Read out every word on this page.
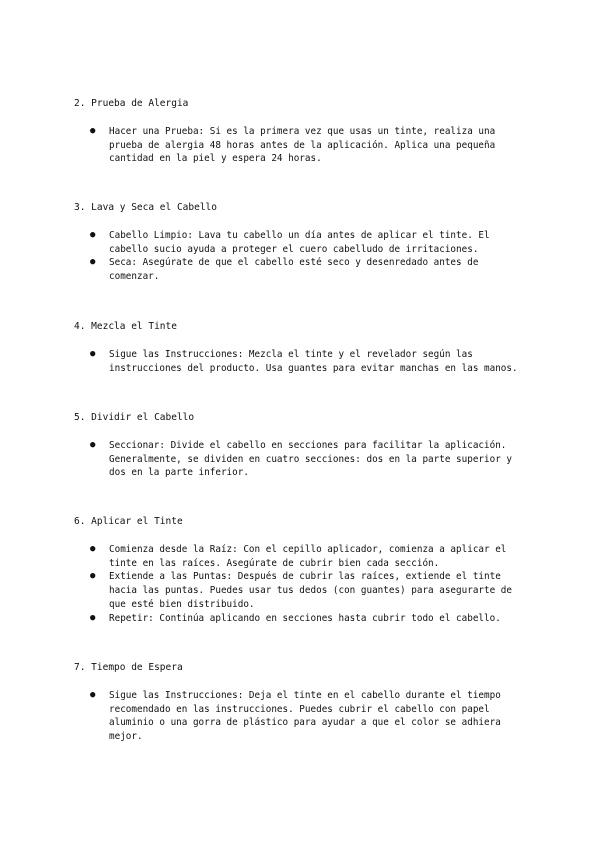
2. Prueba de Alergia
● Hacer una Prueba: Si es la primera vez que usas un tinte, realiza una
prueba de alergia 48 horas antes de la aplicación. Aplica una pequeña
cantidad en la piel y espera 24 horas.
3. Lava y Seca el Cabello
● Cabello Limpio: Lava tu cabello un día antes de aplicar el tinte. El
cabello sucio ayuda a proteger el cuero cabelludo de irritaciones.
● Seca: Asegúrate de que el cabello esté seco y desenredado antes de
comenzar.
4. Mezcla el Tinte
● Sigue las Instrucciones: Mezcla el tinte y el revelador según las
instrucciones del producto. Usa guantes para evitar manchas en las manos.
5. Dividir el Cabello
● Seccionar: Divide el cabello en secciones para facilitar la aplicación.
Generalmente, se dividen en cuatro secciones: dos en la parte superior y
dos en la parte inferior.
6. Aplicar el Tinte
● Comienza desde la Raíz: Con el cepillo aplicador, comienza a aplicar el
tinte en las raíces. Asegúrate de cubrir bien cada sección.
● Extiende a las Puntas: Después de cubrir las raíces, extiende el tinte
hacia las puntas. Puedes usar tus dedos (con guantes) para asegurarte de
que esté bien distribuido.
● Repetir: Continúa aplicando en secciones hasta cubrir todo el cabello.
7. Tiempo de Espera
● Sigue las Instrucciones: Deja el tinte en el cabello durante el tiempo
recomendado en las instrucciones. Puedes cubrir el cabello con papel
aluminio o una gorra de plástico para ayudar a que el color se adhiera
mejor.
